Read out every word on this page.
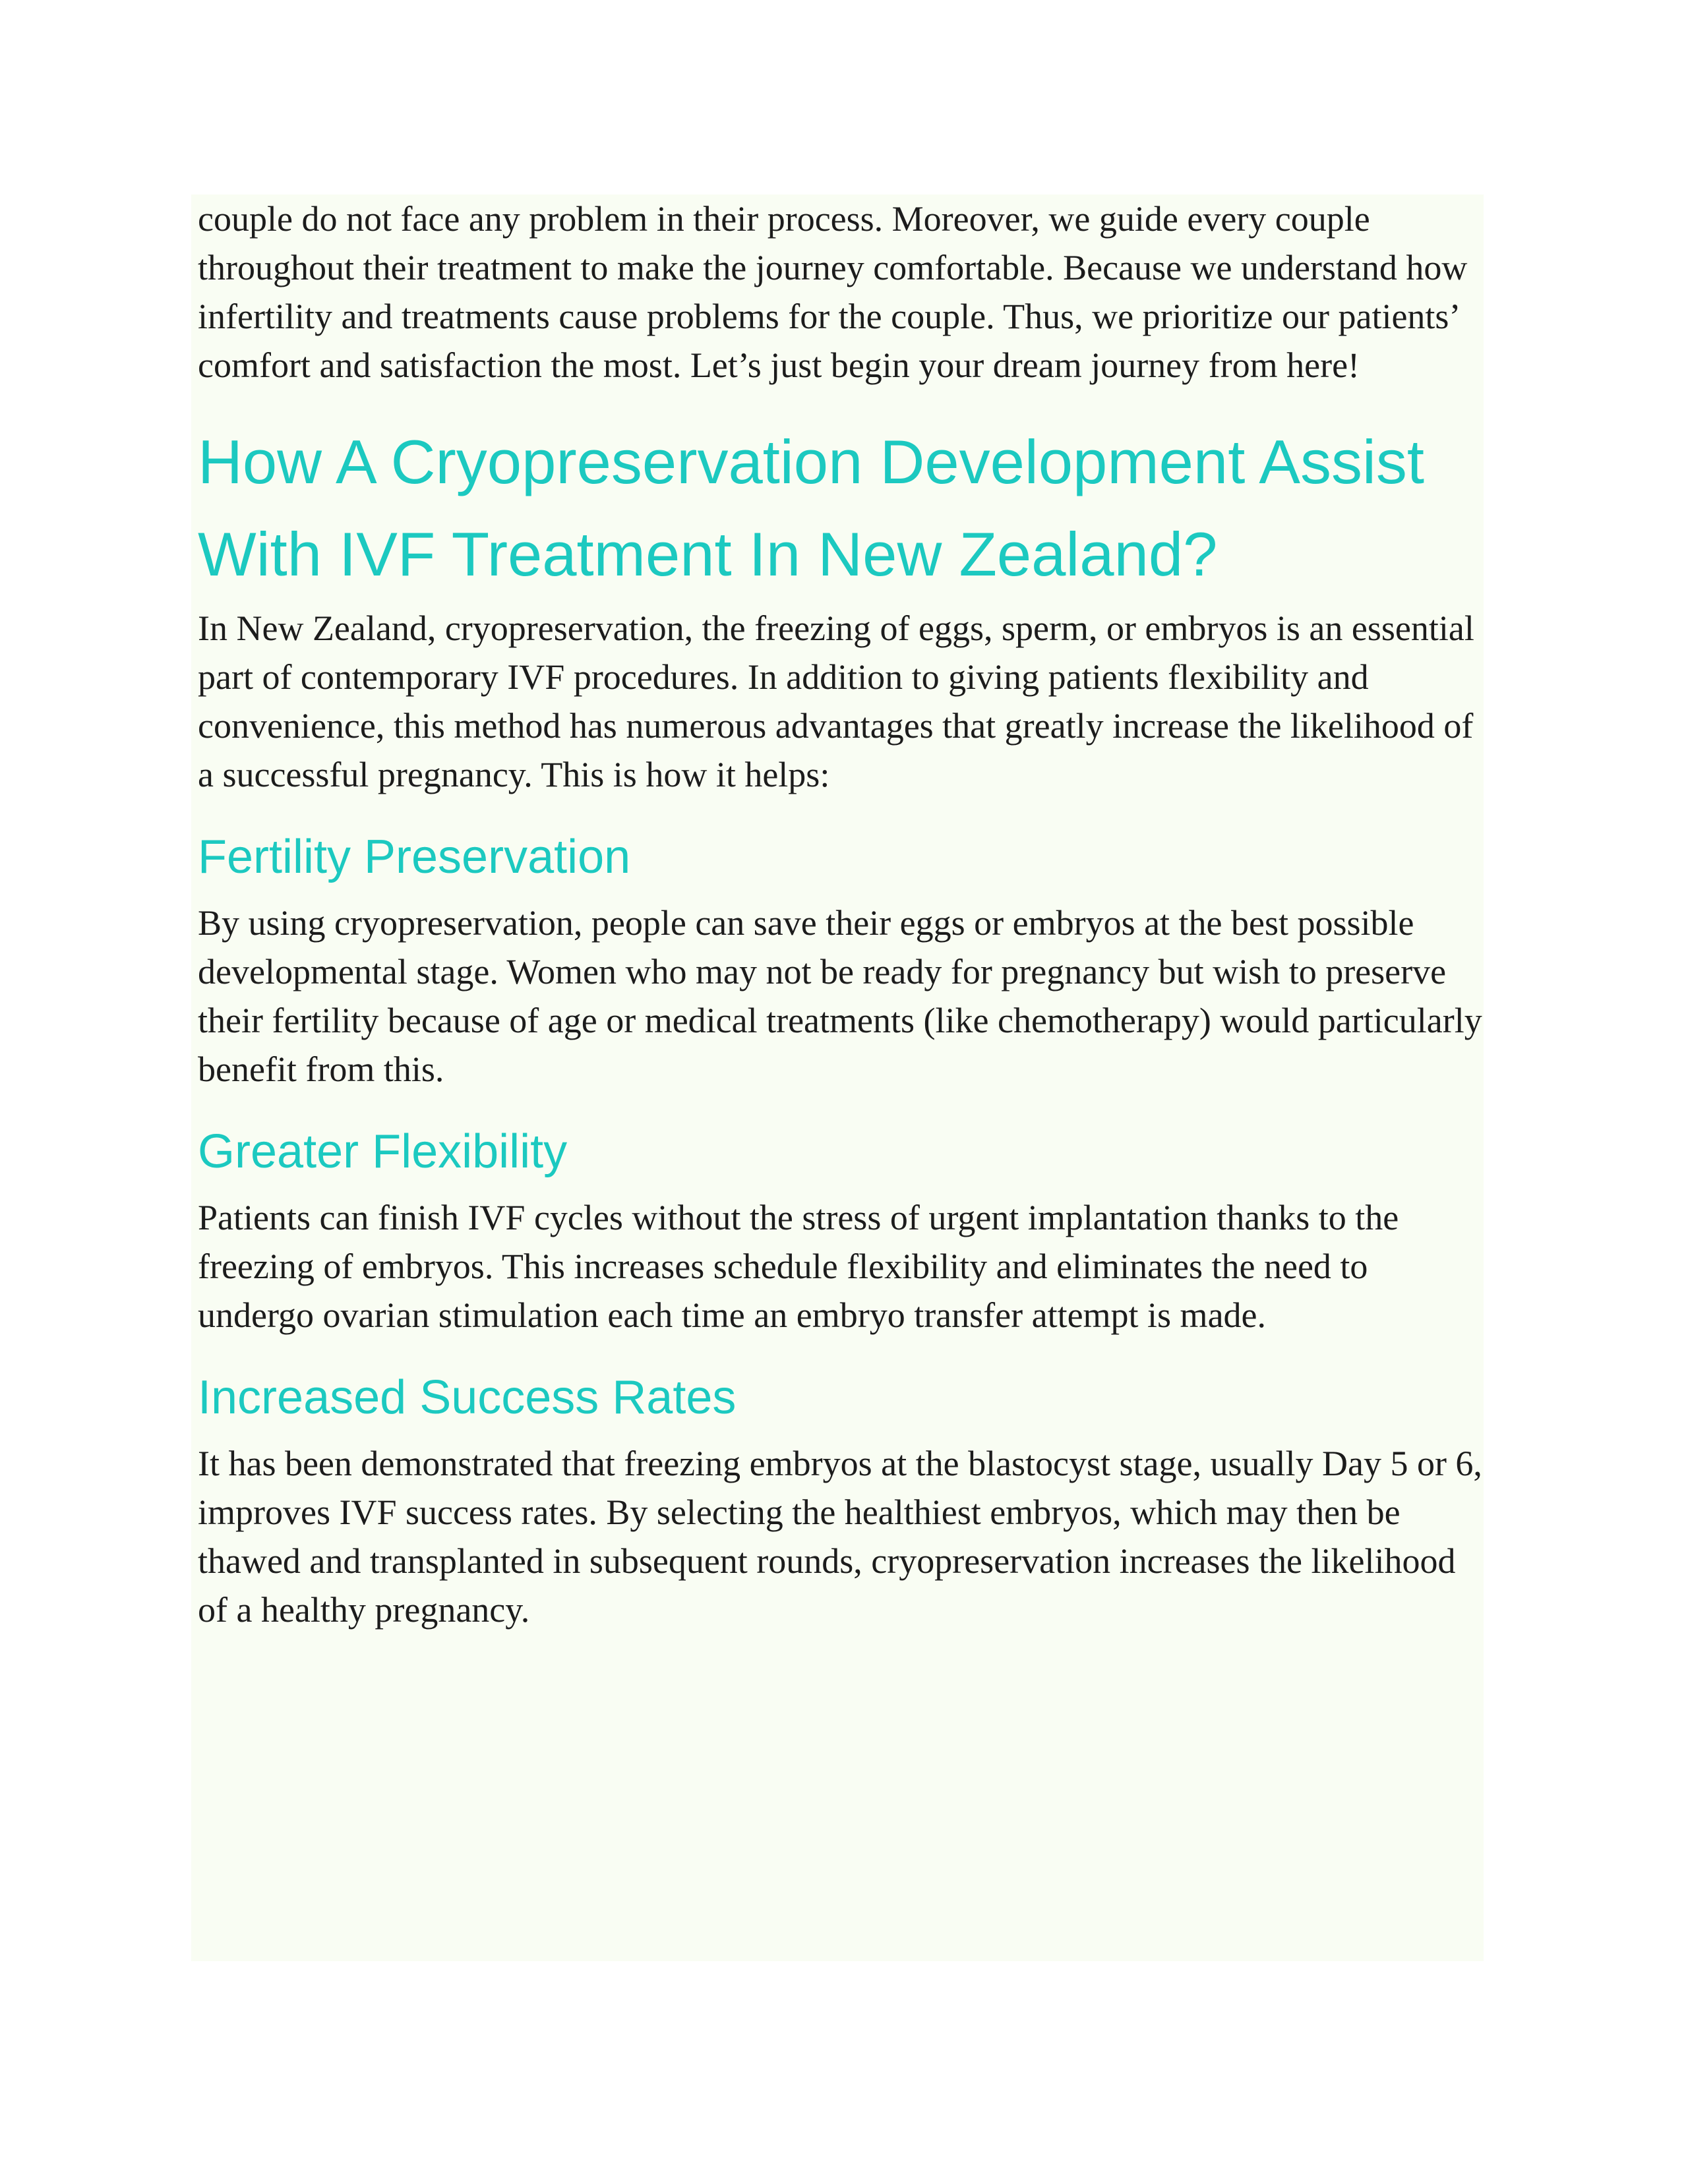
couple do not face any problem in their process. Moreover, we guide every couple throughout their treatment to make the journey comfortable. Because we understand how infertility and treatments cause problems for the couple. Thus, we prioritize our patients’ comfort and satisfaction the most. Let’s just begin your dream journey from here!

How A Cryopreservation Development Assist With IVF Treatment In New Zealand?

In New Zealand, cryopreservation, the freezing of eggs, sperm, or embryos is an essential part of contemporary IVF procedures. In addition to giving patients flexibility and convenience, this method has numerous advantages that greatly increase the likelihood of a successful pregnancy. This is how it helps:

Fertility Preservation

By using cryopreservation, people can save their eggs or embryos at the best possible developmental stage. Women who may not be ready for pregnancy but wish to preserve their fertility because of age or medical treatments (like chemotherapy) would particularly benefit from this.

Greater Flexibility

Patients can finish IVF cycles without the stress of urgent implantation thanks to the freezing of embryos. This increases schedule flexibility and eliminates the need to undergo ovarian stimulation each time an embryo transfer attempt is made.

Increased Success Rates

It has been demonstrated that freezing embryos at the blastocyst stage, usually Day 5 or 6, improves IVF success rates. By selecting the healthiest embryos, which may then be thawed and transplanted in subsequent rounds, cryopreservation increases the likelihood of a healthy pregnancy.
